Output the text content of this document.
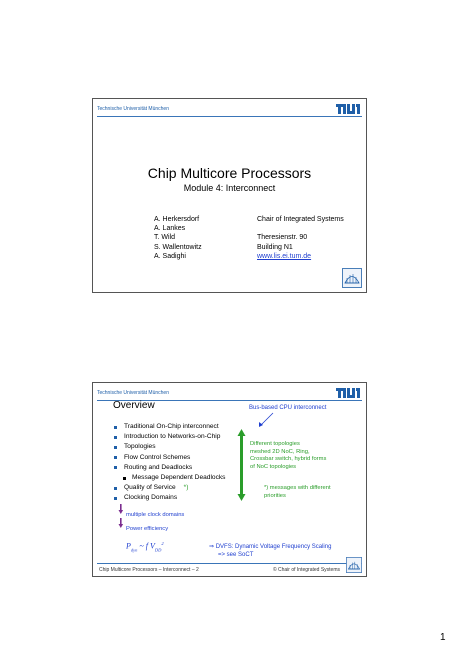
Technische Universität München
Chip Multicore Processors
Module 4: Interconnect
A. Herkersdorf
A. Lankes
T. Wild
S. Wallentowitz
A. Sadighi
Chair of Integrated Systems

Theresienstr. 90
Building N1
www.lis.ei.tum.de
Technische Universität München
Overview
Traditional On-Chip interconnect
Introduction to Networks-on-Chip
Topologies
Flow Control Schemes
Routing and Deadlocks
Message Dependent Deadlocks
Quality of Service *)
Clocking Domains
Bus-based CPU interconnect
Different topologies
meshed 2D NoC, Ring,
Crossbar switch, hybrid forms
of NoC topologies
*) messages with different
priorities
multiple clock domains
Power efficiency
$P_{dyn}$ ~ f $V_{DD}^2$
⇒ DVFS: Dynamic Voltage Frequency Scaling
=> see SoCT
Chip Multicore Processors – Interconnect – 2	© Chair of Integrated Systems
1
